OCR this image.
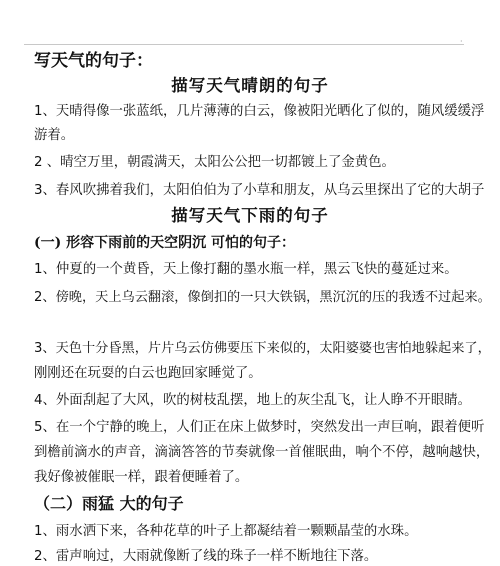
·
写天气的句子：
描写天气晴朗的句子
1、天晴得像一张蓝纸，几片薄薄的白云，像被阳光晒化了似的，随风缓缓浮
游着。
2 、晴空万里，朝霞满天，太阳公公把一切都镀上了金黄色。
3、春风吹拂着我们，太阳伯伯为了小草和朋友，从乌云里探出了它的大胡子
描写天气下雨的句子
(一) 形容下雨前的天空阴沉 可怕的句子：
1、仲夏的一个黄昏，天上像打翻的墨水瓶一样，黑云飞快的蔓延过来。
2、傍晚，天上乌云翻滚，像倒扣的一只大铁锅，黑沉沉的压的我透不过起来。
3、天色十分昏黑，片片乌云仿佛要压下来似的，太阳婆婆也害怕地躲起来了，
刚刚还在玩耍的白云也跑回家睡觉了。
4、外面刮起了大风，吹的树枝乱摆，地上的灰尘乱飞，让人睁不开眼睛。
5、在一个宁静的晚上，人们正在床上做梦时，突然发出一声巨响，跟着便听
到檐前滴水的声音，滴滴答答的节奏就像一首催眠曲，响个不停，越响越快，
我好像被催眠一样，跟着便睡着了。
（二）雨猛 大的句子
1、雨水洒下来，各种花草的叶子上都凝结着一颗颗晶莹的水珠。
2、雷声响过，大雨就像断了线的珠子一样不断地往下落。
